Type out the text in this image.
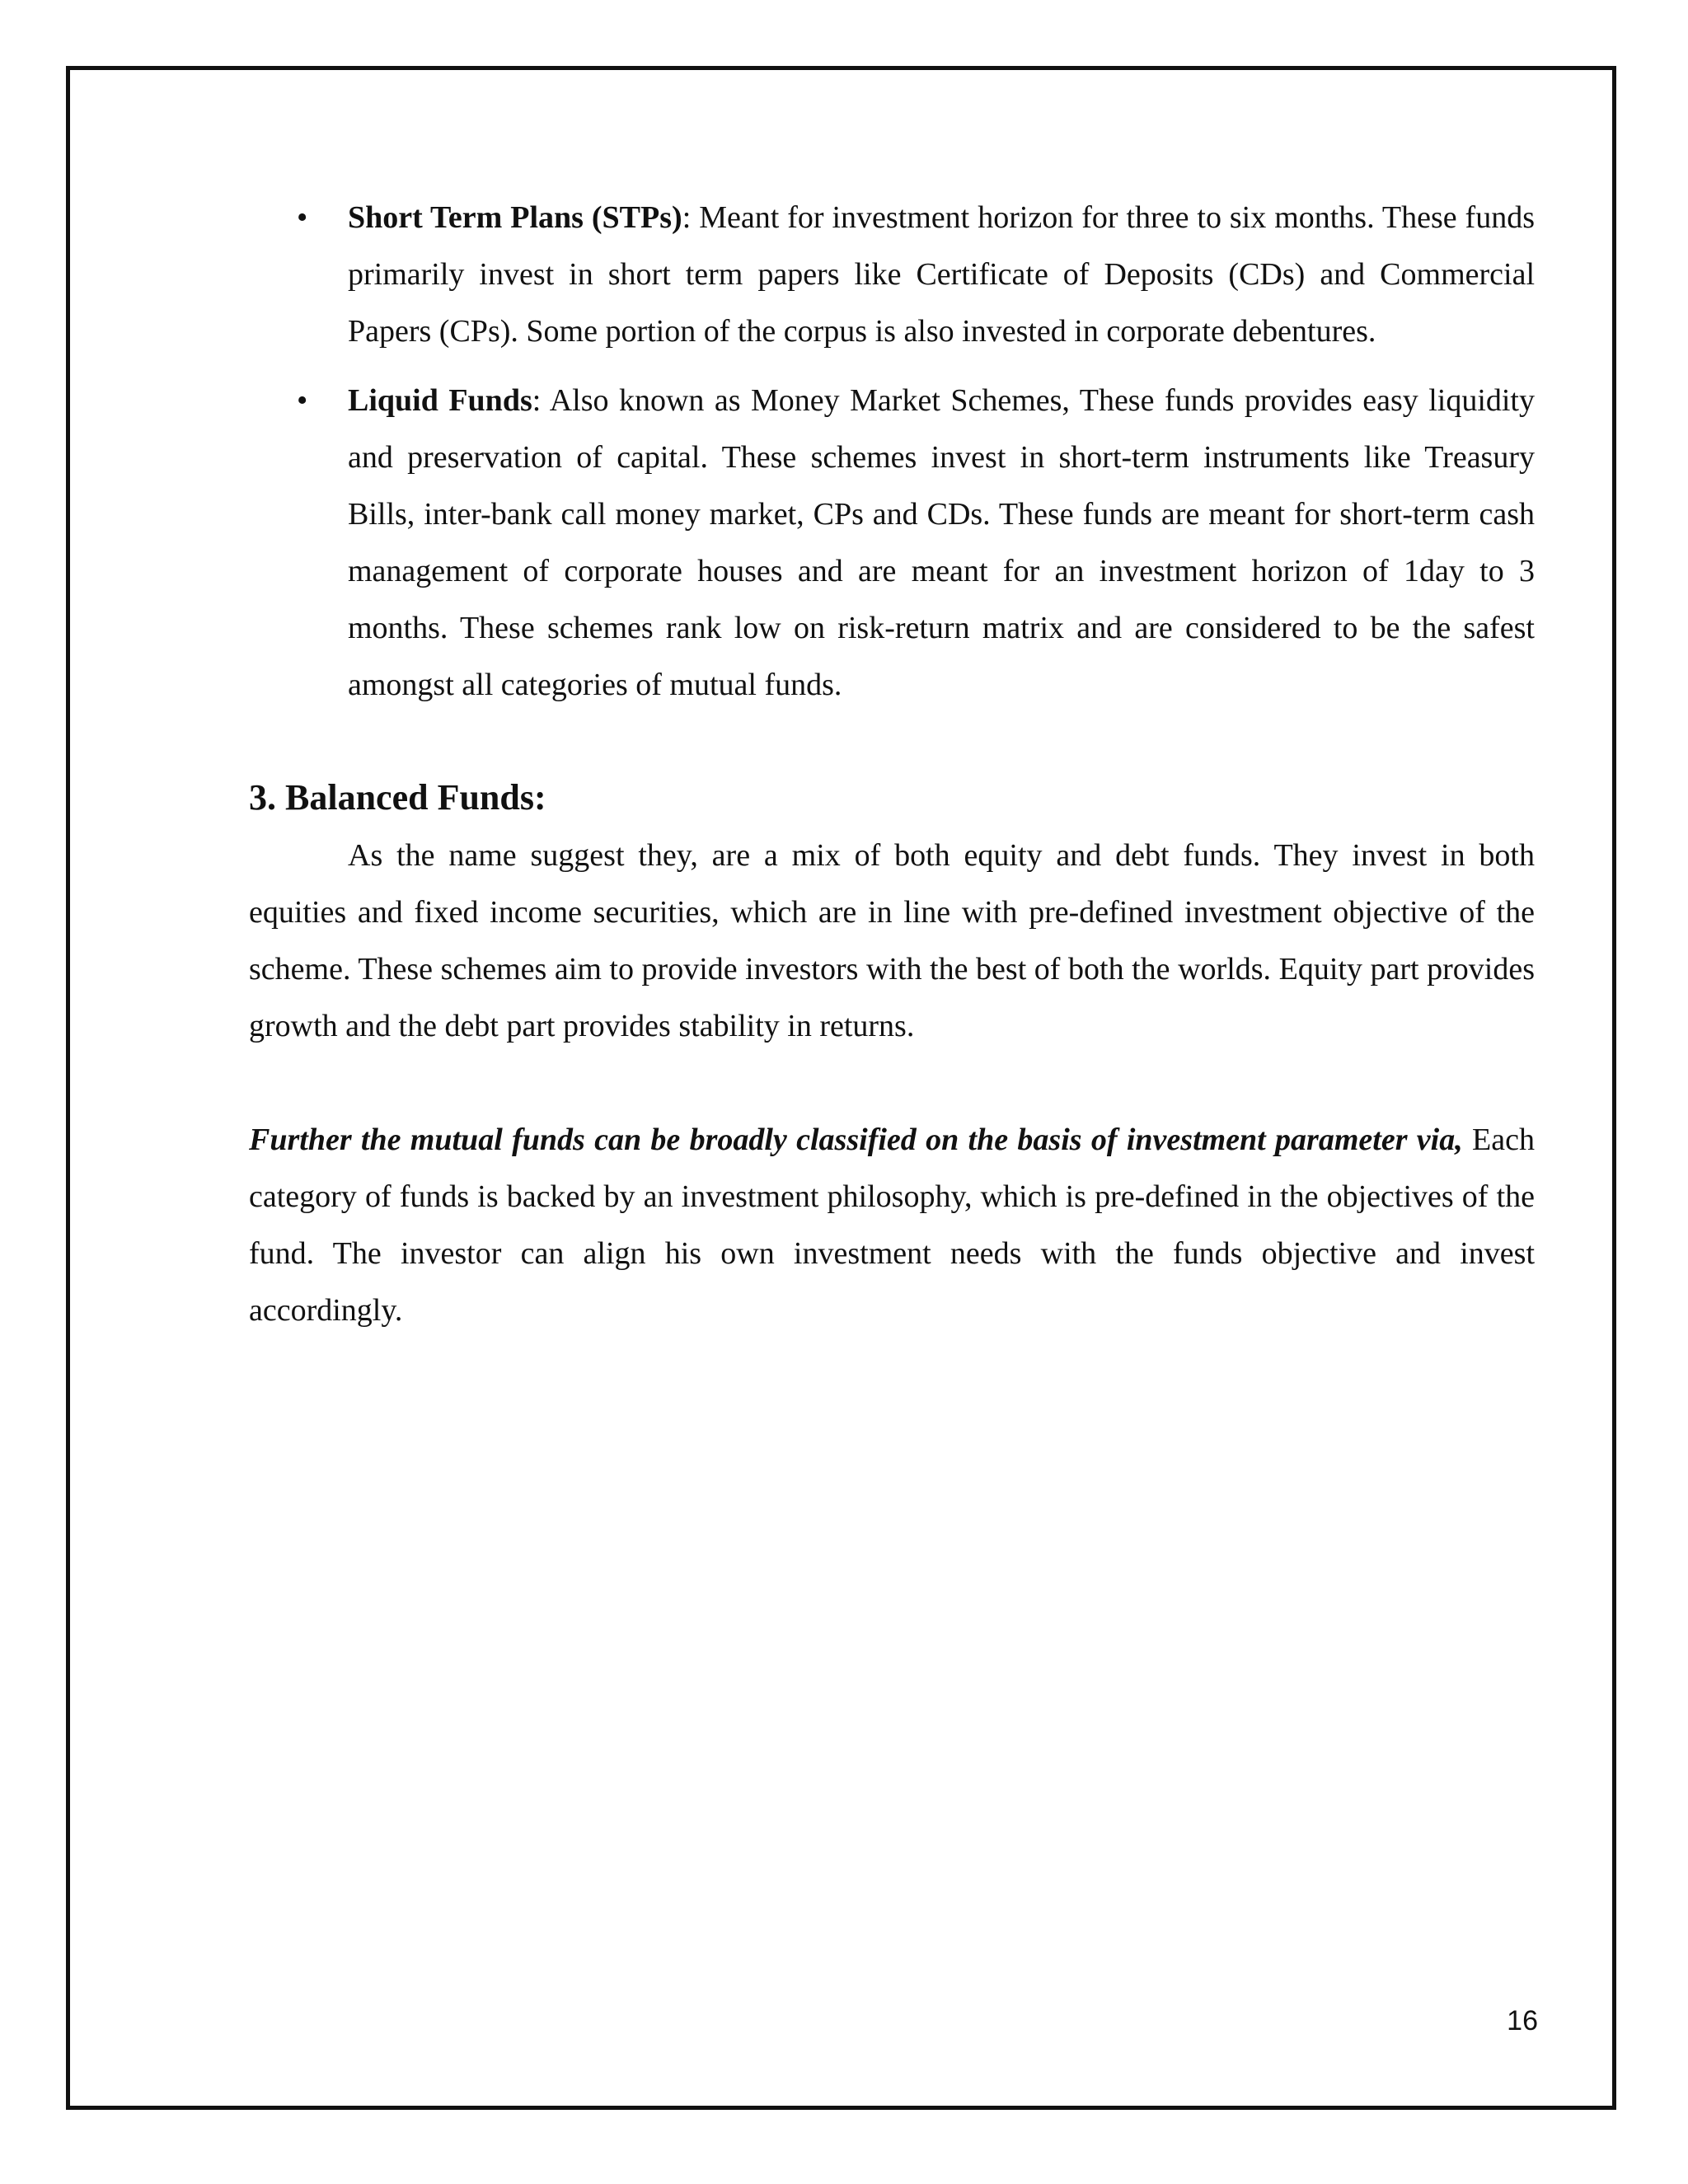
• Short Term Plans (STPs): Meant for investment horizon for three to six months. These funds primarily invest in short term papers like Certificate of Deposits (CDs) and Commercial Papers (CPs). Some portion of the corpus is also invested in corporate debentures.
• Liquid Funds: Also known as Money Market Schemes, These funds provides easy liquidity and preservation of capital. These schemes invest in short-term instruments like Treasury Bills, inter-bank call money market, CPs and CDs. These funds are meant for short-term cash management of corporate houses and are meant for an investment horizon of 1day to 3 months. These schemes rank low on risk-return matrix and are considered to be the safest amongst all categories of mutual funds.
3. Balanced Funds:

As the name suggest they, are a mix of both equity and debt funds. They invest in both equities and fixed income securities, which are in line with pre-defined investment objective of the scheme. These schemes aim to provide investors with the best of both the worlds. Equity part provides growth and the debt part provides stability in returns.

Further the mutual funds can be broadly classified on the basis of investment parameter via, Each category of funds is backed by an investment philosophy, which is pre-defined in the objectives of the fund. The investor can align his own investment needs with the funds objective and invest accordingly.

16
